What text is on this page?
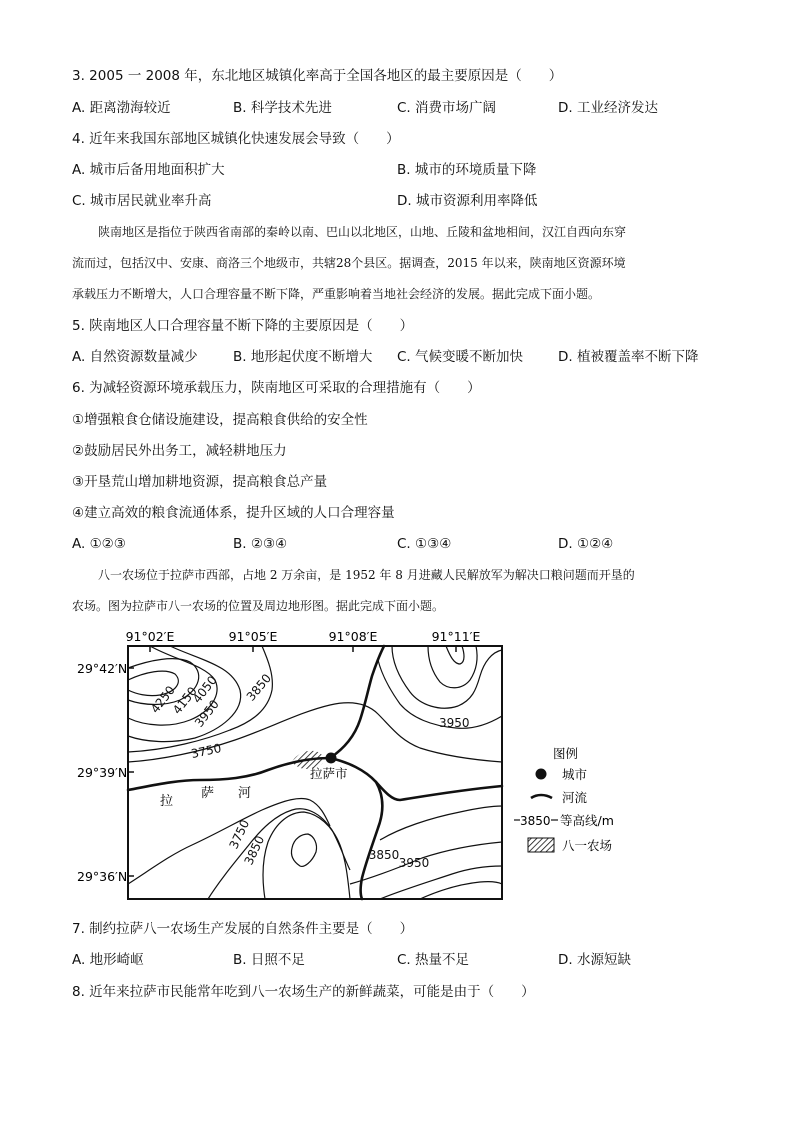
3. 2005 一 2008 年，东北地区城镇化率高于全国各地区的最主要原因是（　　）
A. 距离渤海较近	B. 科学技术先进	C. 消费市场广阔	D. 工业经济发达
4. 近年来我国东部地区城镇化快速发展会导致（　　）
A. 城市后备用地面积扩大	B. 城市的环境质量下降
C. 城市居民就业率升高	D. 城市资源利用率降低

陕南地区是指位于陕西省南部的秦岭以南、巴山以北地区，山地、丘陵和盆地相间，汉江自西向东穿

流而过，包括汉中、安康、商洛三个地级市，共辖28个县区。据调查，2015 年以来，陕南地区资源环境

承载压力不断增大，人口合理容量不断下降，严重影响着当地社会经济的发展。据此完成下面小题。

5. 陕南地区人口合理容量不断下降的主要原因是（　　）
A. 自然资源数量减少	B. 地形起伏度不断增大 C. 气候变暖不断加快	D. 植被覆盖率不断下降
6. 为减轻资源环境承载压力，陕南地区可采取的合理措施有（　　）
①增强粮食仓储设施建设，提高粮食供给的安全性
②鼓励居民外出务工，减轻耕地压力
③开垦荒山增加耕地资源，提高粮食总产量
④建立高效的粮食流通体系，提升区域的人口合理容量
A. ①②③	B. ②③④	C. ①③④	D. ①②④

八一农场位于拉萨市西部，占地 2 万余亩，是 1952 年 8 月进藏人民解放军为解决口粮问题而开垦的

农场。图为拉萨市八一农场的位置及周边地形图。据此完成下面小题。

91°02′E	91°05′E	91°08′E	91°11′E
29°42′N
29°39′N
29°36′N
拉萨市
拉
萨 河
4250
4150
4050
3950
3850
3950
3750
3750
3850	3850
3950
图例
城市
河流
3850 等高线/m
八一农场
7. 制约拉萨八一农场生产发展的自然条件主要是（　　）
A. 地形崎岖	B. 日照不足	C. 热量不足	D. 水源短缺
8. 近年来拉萨市民能常年吃到八一农场生产的新鲜蔬菜，可能是由于（　　）
